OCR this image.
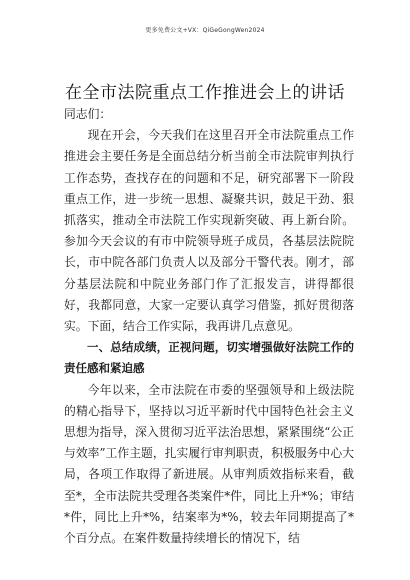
更多免费公文+VX：QiGeGongWen2024
在全市法院重点工作推进会上的讲话

同志们：

现在开会，今天我们在这里召开全市法院重点工作推进会主要任务是全面总结分析当前全市法院审判执行工作态势，查找存在的问题和不足，研究部署下一阶段重点工作，进一步统一思想、凝聚共识，鼓足干劲、狠抓落实，推动全市法院工作实现新突破、再上新台阶。参加今天会议的有市中院领导班子成员，各基层法院院长，市中院各部门负责人以及部分干警代表。刚才，部分基层法院和中院业务部门作了汇报发言，讲得都很好，我都同意，大家一定要认真学习借鉴，抓好贯彻落实。下面，结合工作实际，我再讲几点意见。

一、总结成绩，正视问题，切实增强做好法院工作的责任感和紧迫感

今年以来，全市法院在市委的坚强领导和上级法院的精心指导下，坚持以习近平新时代中国特色社会主义思想为指导，深入贯彻习近平法治思想，紧紧围绕“公正与效率”工作主题，扎实履行审判职责，积极服务中心大局，各项工作取得了新进展。从审判质效指标来看，截至*，全市法院共受理各类案件*件，同比上升*%；审结*件，同比上升*%，结案率为*%，较去年同期提高了*个百分点。在案件数量持续增长的情况下，结
